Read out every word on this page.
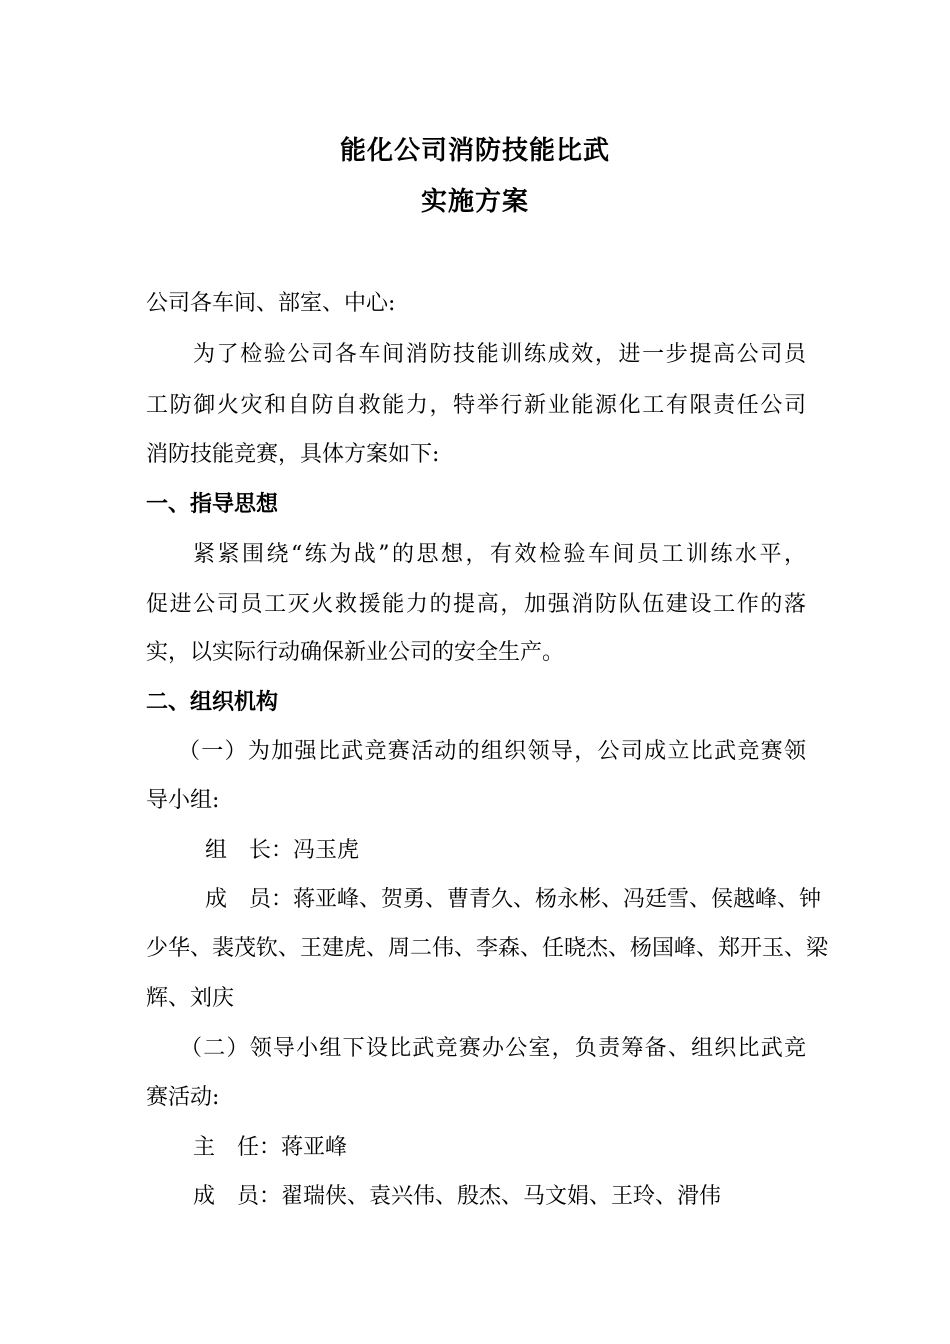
能化公司消防技能比武
实施方案
公司各车间、部室、中心:
为了检验公司各车间消防技能训练成效，进一步提高公司员
工防御火灾和自防自救能力，特举行新业能源化工有限责任公司
消防技能竞赛，具体方案如下:
一、指导思想
紧紧围绕“练为战”的思想，有效检验车间员工训练水平，
促进公司员工灭火救援能力的提高，加强消防队伍建设工作的落
实，以实际行动确保新业公司的安全生产。
二、组织机构
（一）为加强比武竞赛活动的组织领导，公司成立比武竞赛领
导小组:
组　长：冯玉虎
成　员：蒋亚峰、贺勇、曹青久、杨永彬、冯廷雪、侯越峰、钟
少华、裴茂钦、王建虎、周二伟、李森、任晓杰、杨国峰、郑开玉、梁
辉、刘庆
（二）领导小组下设比武竞赛办公室，负责筹备、组织比武竞
赛活动:
主　任：蒋亚峰
成　员：翟瑞侠、袁兴伟、殷杰、马文娟、王玲、滑伟
